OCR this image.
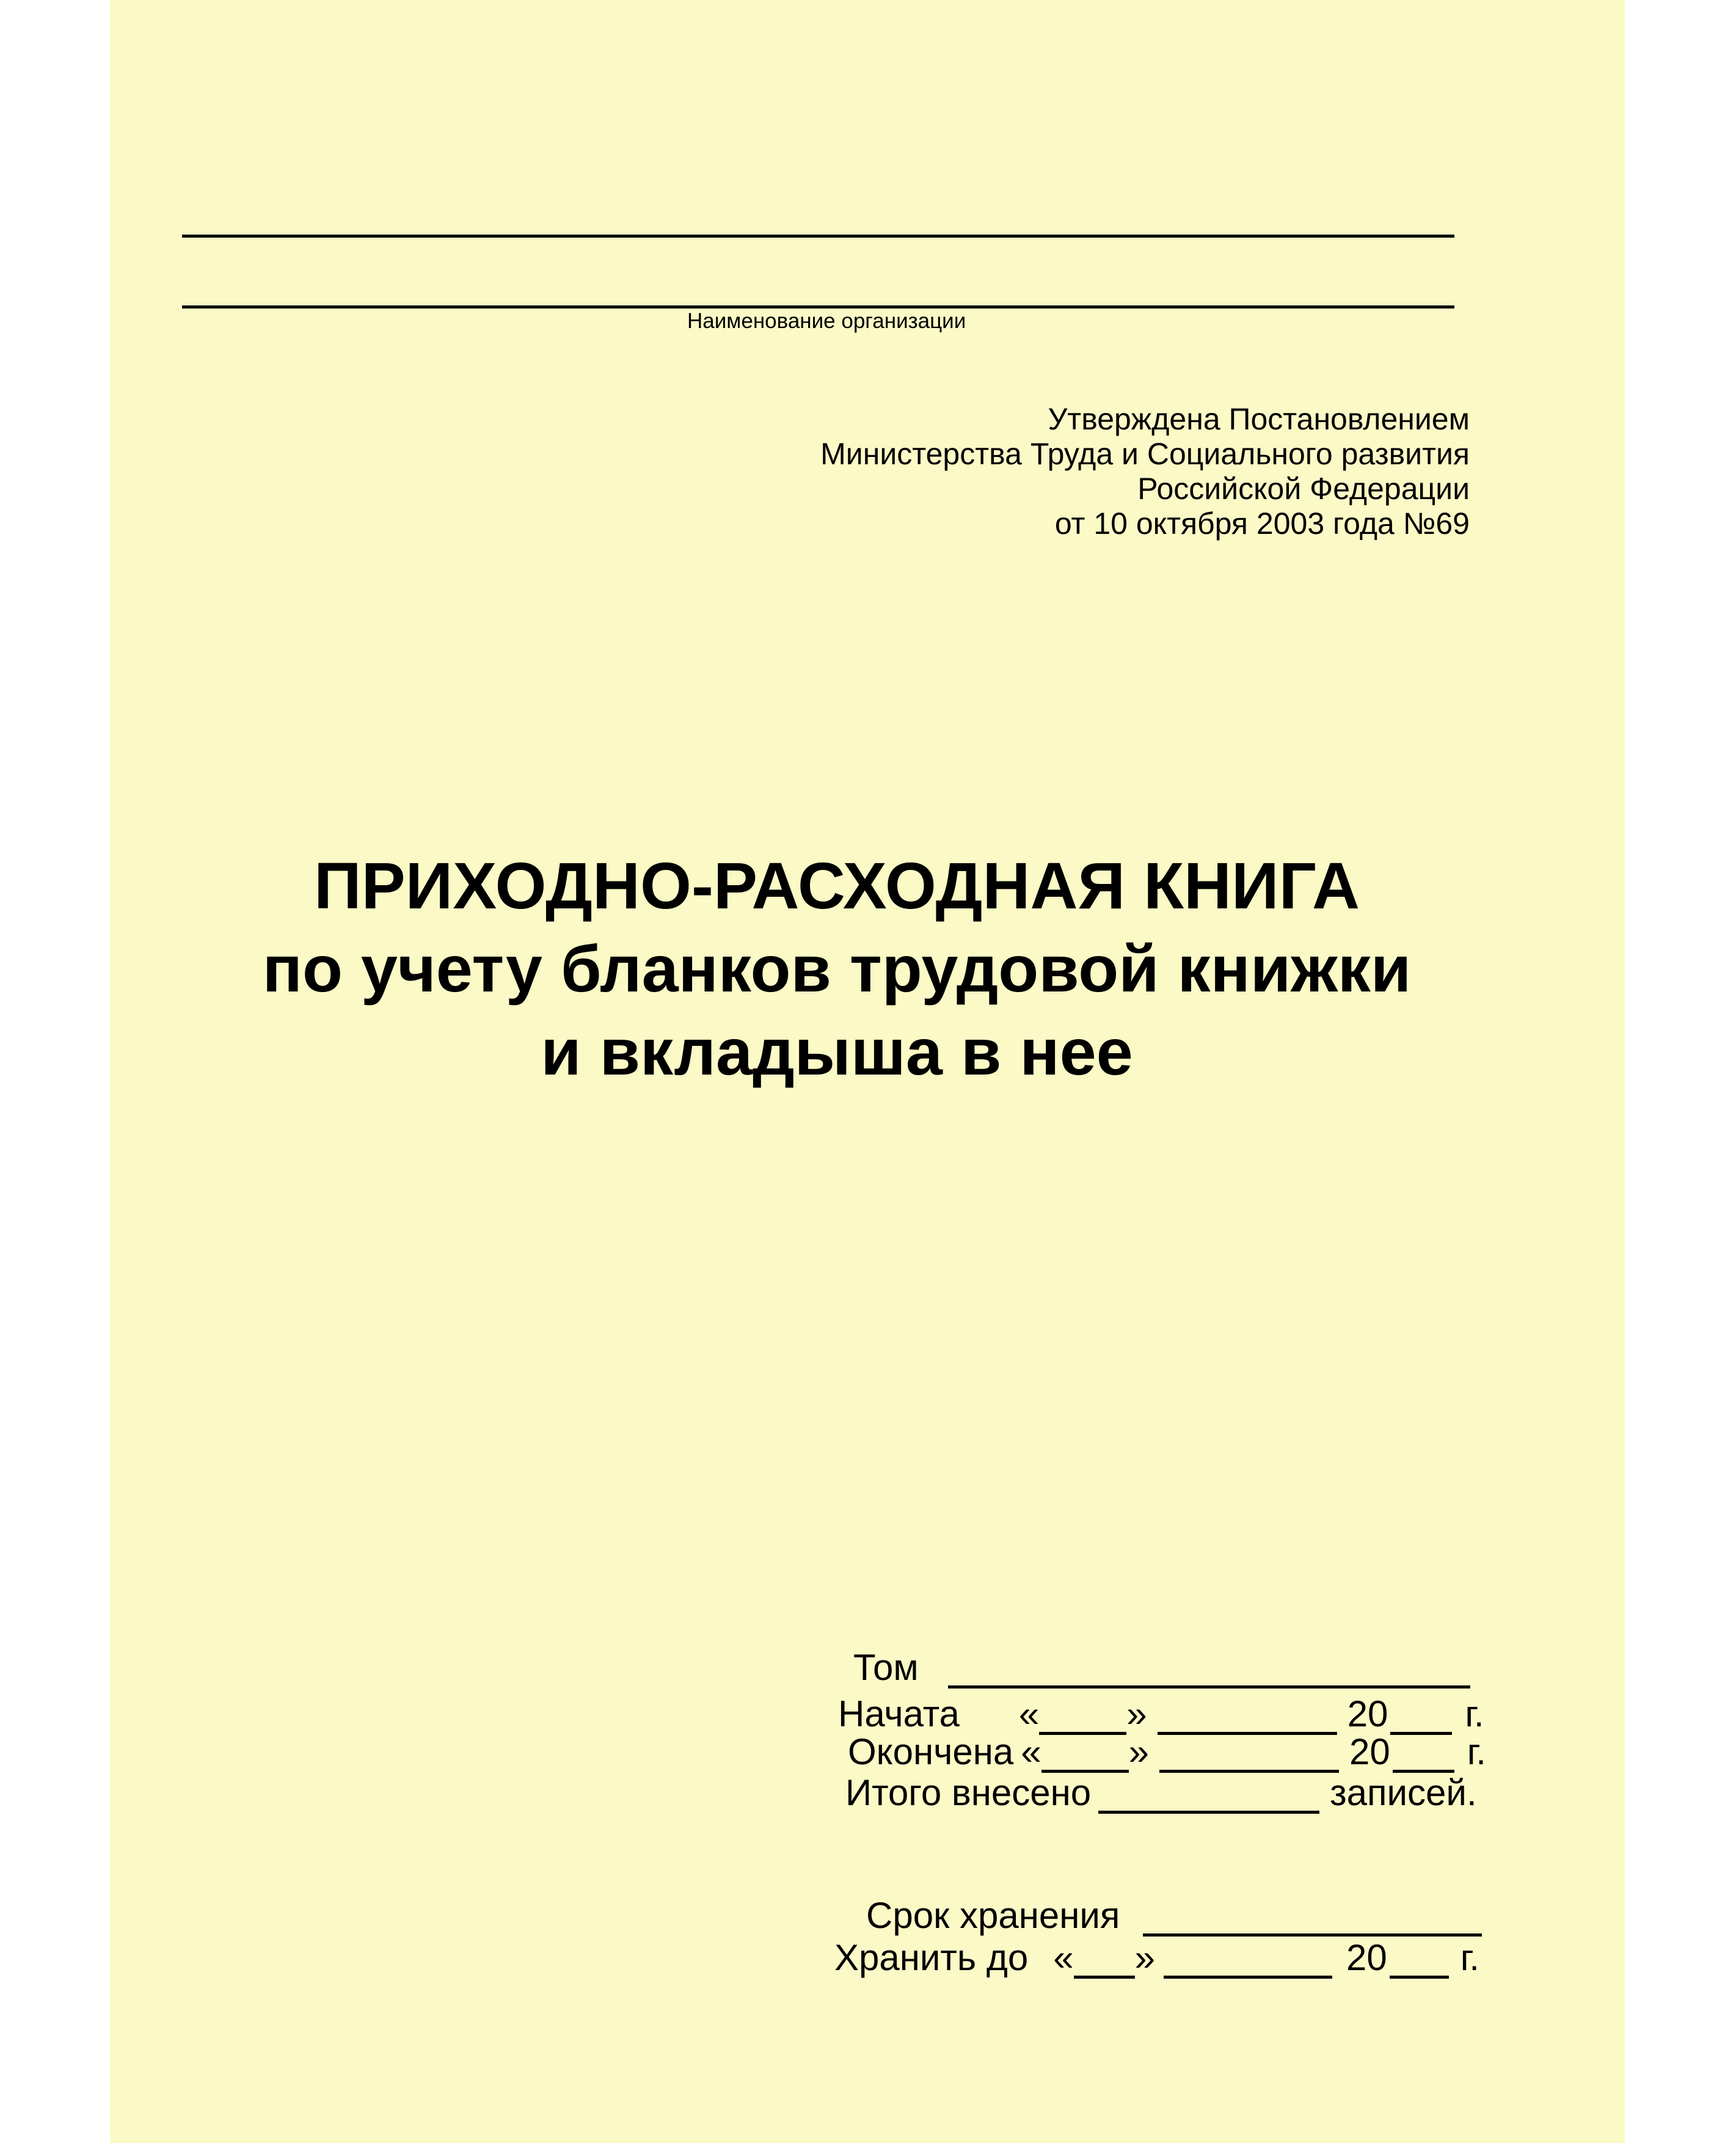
Наименование организации
Утверждена Постановлением
Министерства Труда и Социального развития
Российской Федерации
от 10 октября 2003 года №69
ПРИХОДНО-РАСХОДНАЯ КНИГА
по учету бланков трудовой книжки
и вкладыша в нее
Том
Начата « »	20 г.
Окончена « »	20 г.
Итого внесено	записей.
Срок хранения
Хранить до « »	20 г.
